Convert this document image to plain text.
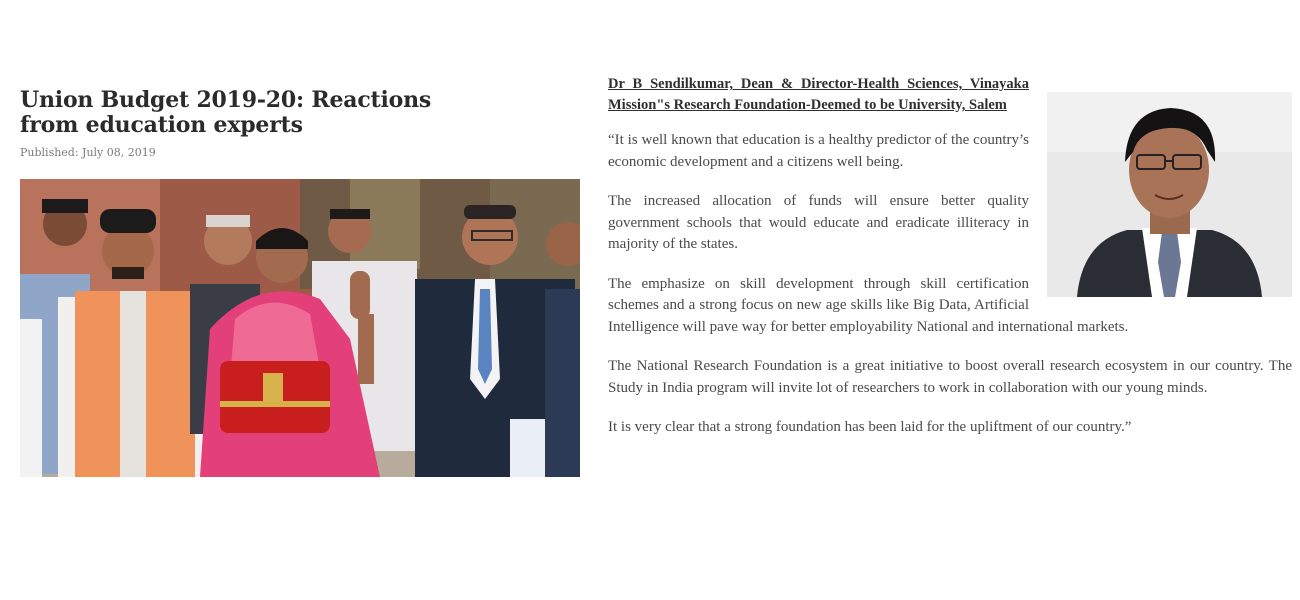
Union Budget 2019-20: Reactions from education experts
Published: July 08, 2019

Dr B Sendilkumar, Dean & Director-Health Sciences, Vinayaka Mission"s Research Foundation-Deemed to be University, Salem

“It is well known that education is a healthy predictor of the country’s economic development and a citizens well being.

The increased allocation of funds will ensure better quality government schools that would educate and eradicate illiteracy in majority of the states.

The emphasize on skill development through skill certification schemes and a strong focus on new age skills like Big Data, Artificial Intelligence will pave way for better employability National and international markets.

The National Research Foundation is a great initiative to boost overall research ecosystem in our country. The Study in India program will invite lot of researchers to work in collaboration with our young minds.

It is very clear that a strong foundation has been laid for the upliftment of our country.”
